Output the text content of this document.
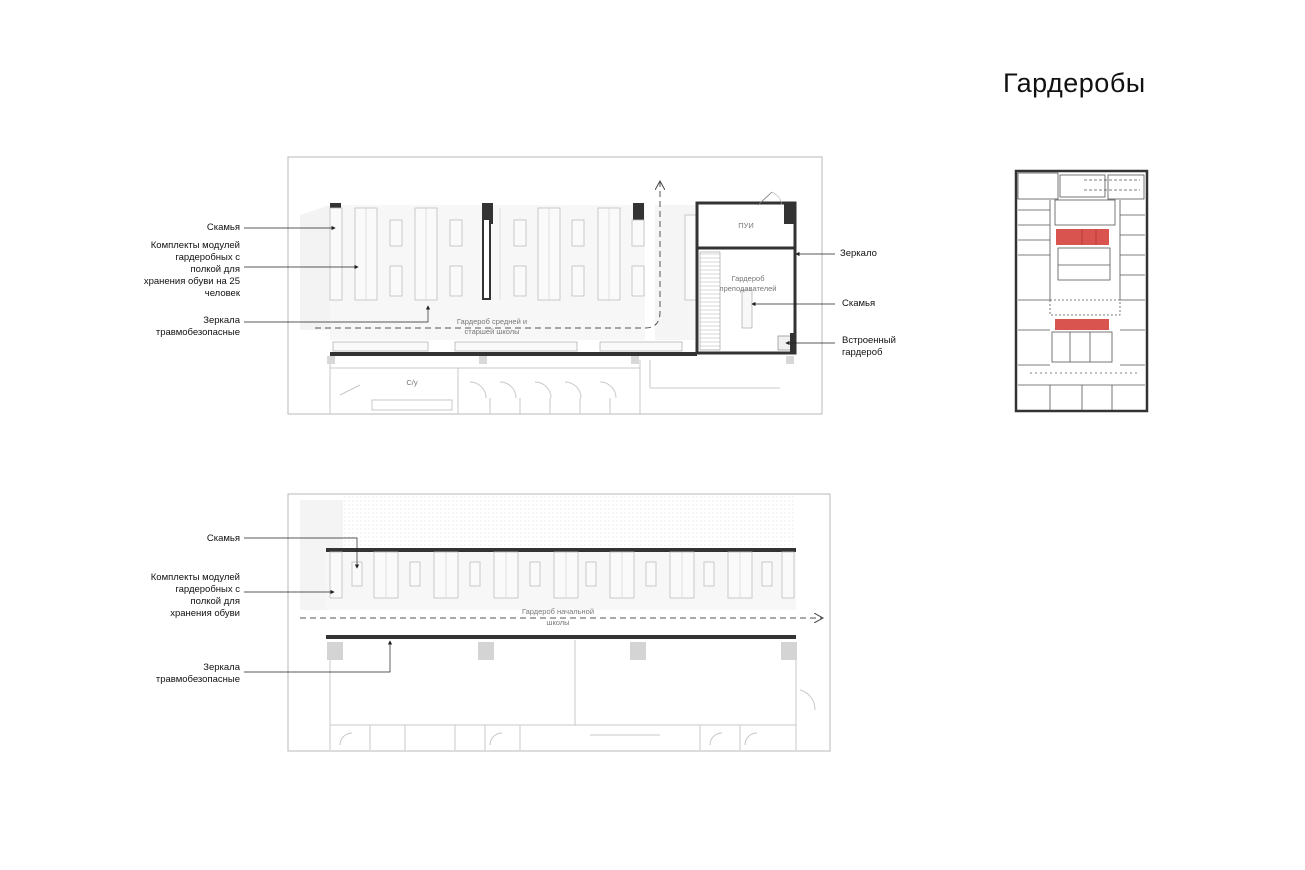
Гардеробы
Скамья
Комплекты модулей
гардеробных с
полкой для
хранения обуви на 25
человек
Зеркала
травмобезопасные
Зеркало
Скамья
Встроенный
гардероб
Скамья
Комплекты модулей
гардеробных с
полкой для
хранения обуви
Зеркала
травмобезопасные
ПУИ
Гардероб
преподавателей
Гардероб средней и
старшей школы
С/у
Гардероб начальной
школы
